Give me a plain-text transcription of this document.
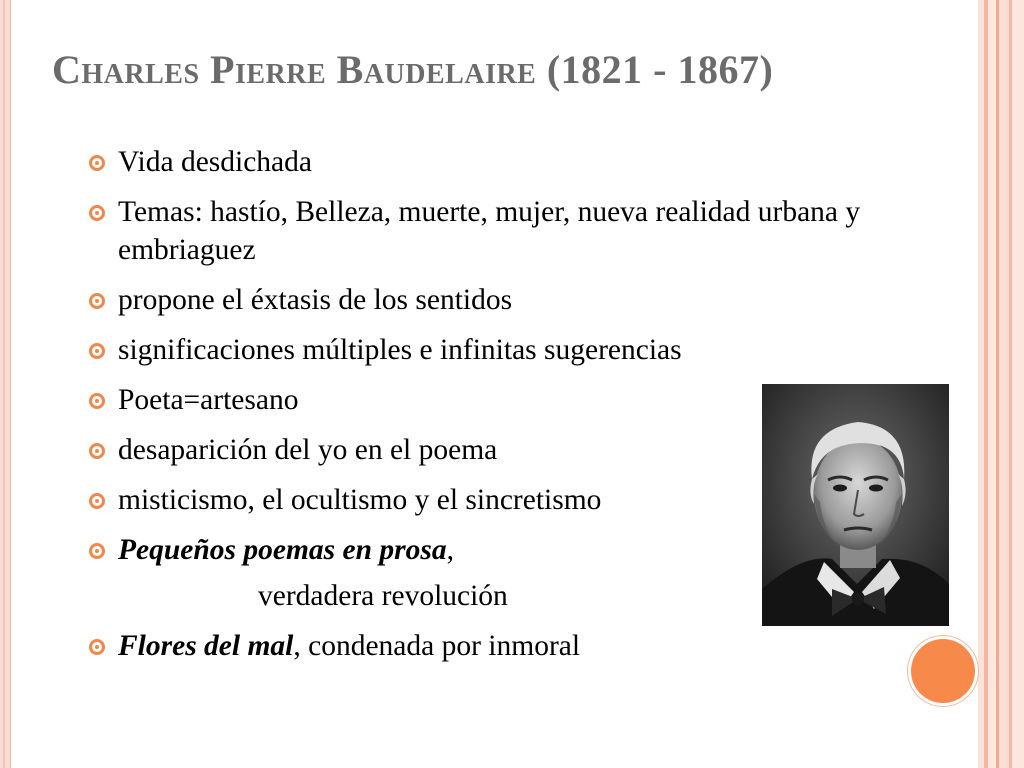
Charles Pierre Baudelaire (1821 - 1867)
Vida desdichada
Temas: hastío, Belleza, muerte, mujer, nueva realidad urbana y embriaguez
propone el éxtasis de los sentidos
significaciones múltiples e infinitas sugerencias
Poeta=artesano
desaparición del yo en el poema
misticismo, el ocultismo y el sincretismo
Pequeños poemas en prosa,
verdadera revolución
Flores del mal, condenada por inmoral
